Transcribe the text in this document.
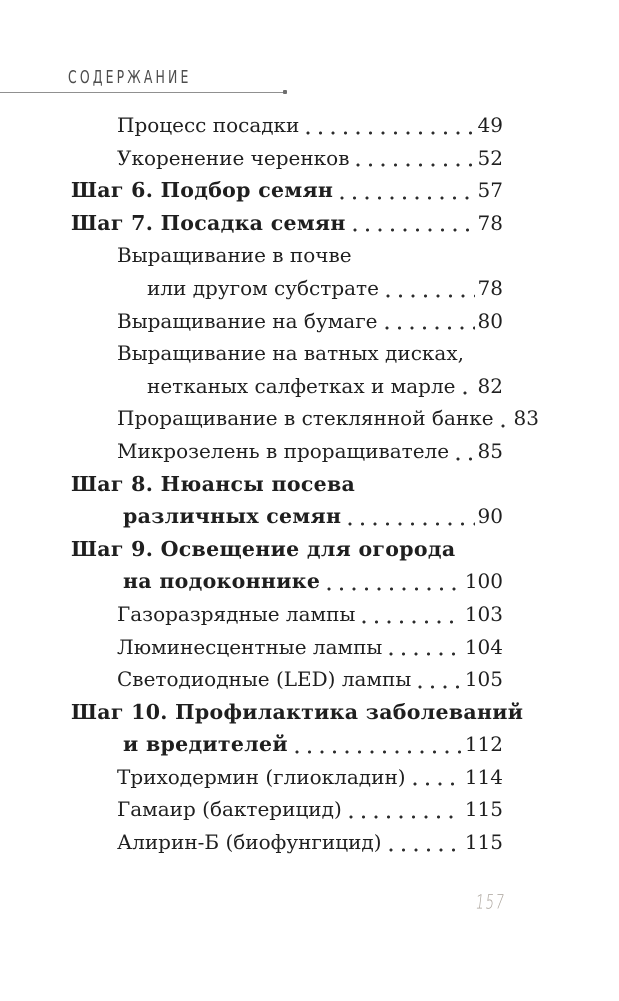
СОДЕРЖАНИЕ
Процесс посадки	49
Укоренение черенков	52
Шаг 6. Подбор семян	57
Шаг 7. Посадка семян	78
Выращивание в почве
или другом субстрате	78
Выращивание на бумаге	80
Выращивание на ватных дисках,
нетканых салфетках и марле 82
Проращивание в стеклянной банке 83
Микрозелень в проращивателе 85
Шаг 8. Нюансы посева
различных семян	90
Шаг 9. Освещение для огорода
на подоконнике	100
Газоразрядные лампы	103
Люминесцентные лампы	104
Светодиодные (LED) лампы	105
Шаг 10. Профилактика заболеваний
и вредителей	112
Триходермин (глиокладин)	114
Гамаир (бактерицид)	115
Алирин-Б (биофунгицид)	115
157
